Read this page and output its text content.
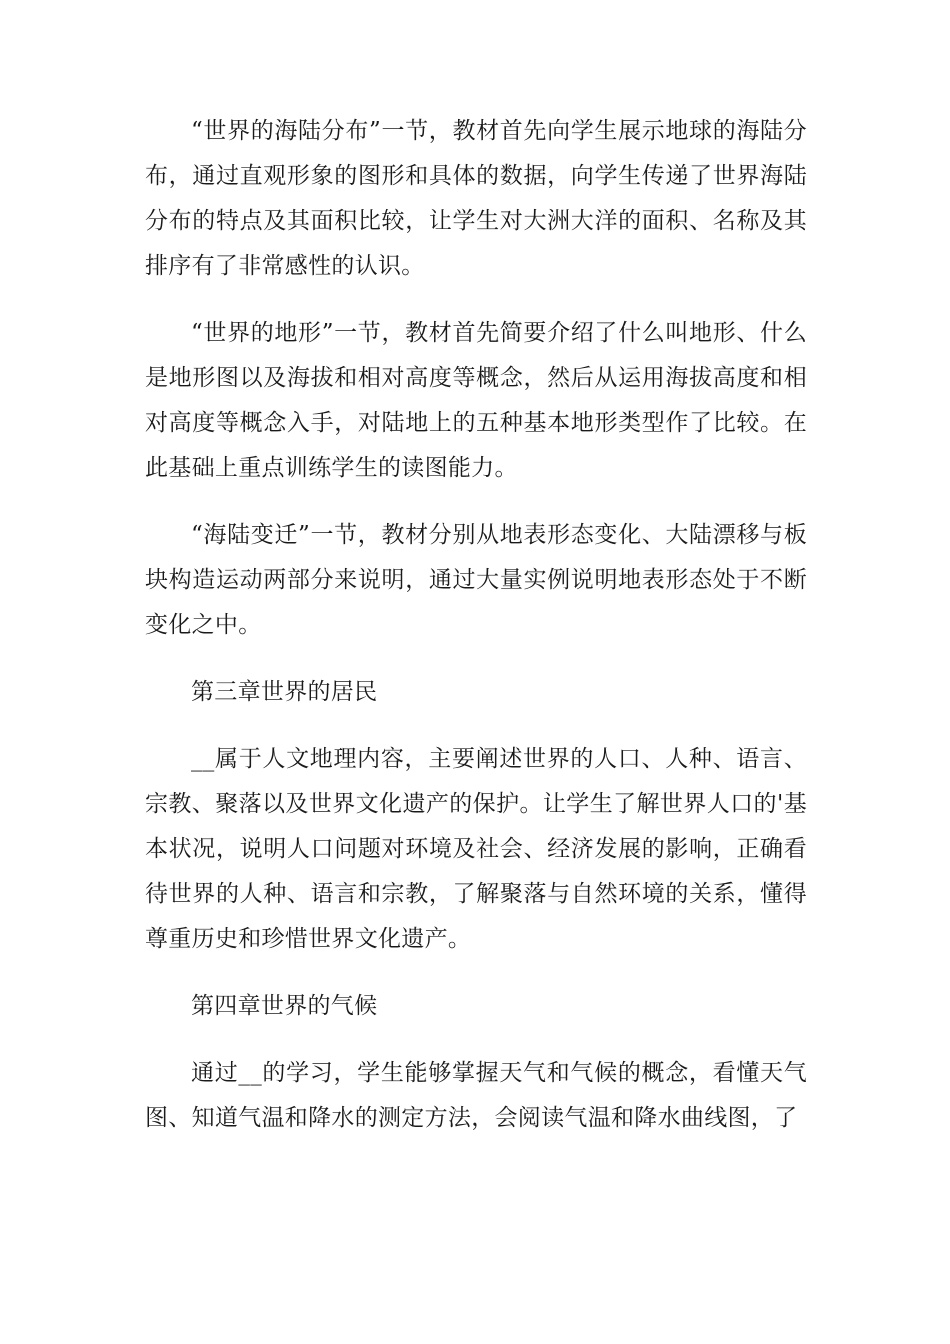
“世界的海陆分布”一节，教材首先向学生展示地球的海陆分布，通过直观形象的图形和具体的数据，向学生传递了世界海陆分布的特点及其面积比较，让学生对大洲大洋的面积、名称及其排序有了非常感性的认识。

“世界的地形”一节，教材首先简要介绍了什么叫地形、什么是地形图以及海拔和相对高度等概念，然后从运用海拔高度和相对高度等概念入手，对陆地上的五种基本地形类型作了比较。在此基础上重点训练学生的读图能力。

“海陆变迁”一节，教材分别从地表形态变化、大陆漂移与板块构造运动两部分来说明，通过大量实例说明地表形态处于不断变化之中。

第三章世界的居民

__属于人文地理内容，主要阐述世界的人口、人种、语言、宗教、聚落以及世界文化遗产的保护。让学生了解世界人口的'基本状况，说明人口问题对环境及社会、经济发展的影响，正确看待世界的人种、语言和宗教，了解聚落与自然环境的关系，懂得尊重历史和珍惜世界文化遗产。

第四章世界的气候

通过__的学习，学生能够掌握天气和气候的概念，看懂天气图、知道气温和降水的测定方法，会阅读气温和降水曲线图，了
